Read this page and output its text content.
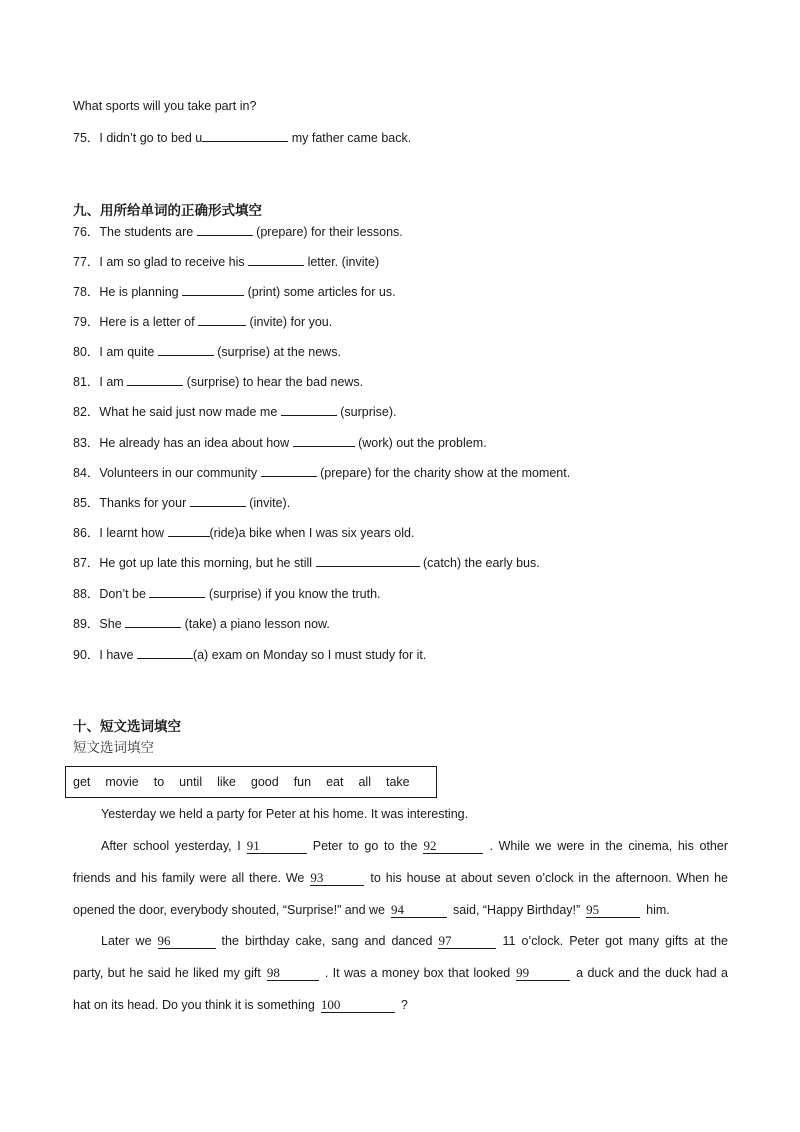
What sports will you take part in?
75．I didn’t go to bed u	my father came back.
九、用所给单词的正确形式填空
76．The students are	(prepare) for their lessons.
77．I am so glad to receive his	letter. (invite)
78．He is planning	(print) some articles for us.
79．Here is a letter of	(invite) for you.
80．I am quite	(surprise) at the news.
81．I am	(surprise) to hear the bad news.
82．What he said just now made me	(surprise).
83．He already has an idea about how	(work) out the problem.
84．Volunteers in our community	(prepare) for the charity show at the moment.
85．Thanks for your	(invite).
86．I learnt how	(ride)a bike when I was six years old.
87．He got up late this morning, but he still	(catch) the early bus.
88．Don’t be	(surprise) if you know the truth.
89．She	(take) a piano lesson now.
90．I have	(a) exam on Monday so I must study for it.
十、短文选词填空
短文选词填空
get movie to until like good fun eat all take
Yesterday we held a party for Peter at his home. It was interesting.
After school yesterday, I 91	Peter to go to the 92	. While we were in the cinema, his other friends and his family were all there. We 93	to his house at about seven o’clock in the afternoon. When he opened the door, everybody shouted, “Surprise!” and we 94	said, “Happy Birthday!” 95	him.
Later we 96	the birthday cake, sang and danced 97	11 o’clock. Peter got many gifts at the party, but he said he liked my gift 98	. It was a money box that looked 99	a duck and the duck had a hat on its head. Do you think it is something 100	?
